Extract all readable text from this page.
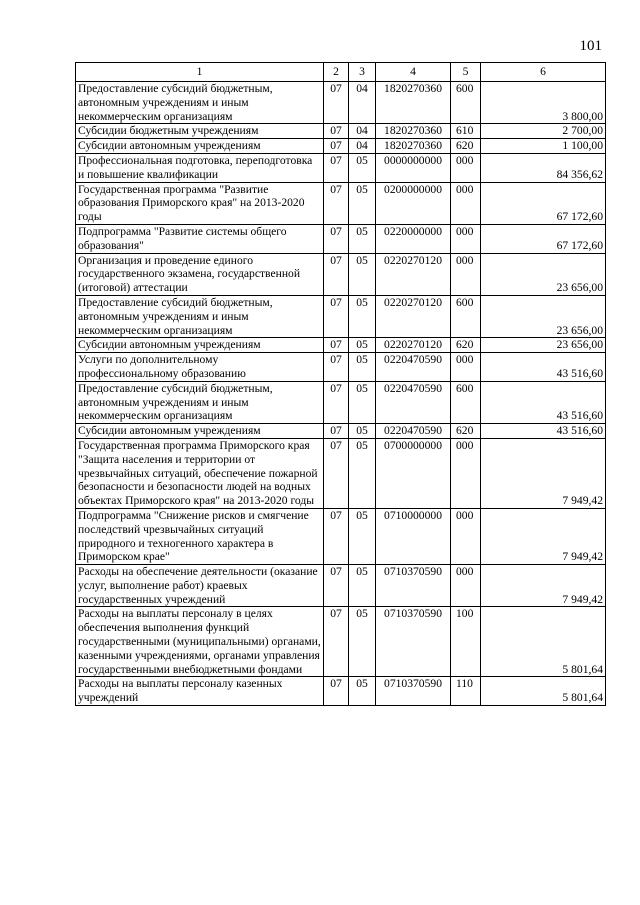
101
1	2	3	4	5	6
Предоставление субсидий бюджетным, автономным учреждениям и иным некоммерческим организациям	07	04	1820270360	600	3 800,00
Субсидии бюджетным учреждениям	07	04	1820270360	610	2 700,00
Субсидии автономным учреждениям	07	04	1820270360	620	1 100,00
Профессиональная подготовка, переподготовка и повышение квалификации	07	05	0000000000	000	84 356,62
Государственная программа "Развитие образования Приморского края" на 2013-2020 годы	07	05	0200000000	000	67 172,60
Подпрограмма "Развитие системы общего образования"	07	05	0220000000	000	67 172,60
Организация и проведение единого государственного экзамена, государственной (итоговой) аттестации	07	05	0220270120	000	23 656,00
Предоставление субсидий бюджетным, автономным учреждениям и иным некоммерческим организациям	07	05	0220270120	600	23 656,00
Субсидии автономным учреждениям	07	05	0220270120	620	23 656,00
Услуги по дополнительному профессиональному образованию	07	05	0220470590	000	43 516,60
Предоставление субсидий бюджетным, автономным учреждениям и иным некоммерческим организациям	07	05	0220470590	600	43 516,60
Субсидии автономным учреждениям	07	05	0220470590	620	43 516,60
Государственная программа Приморского края "Защита населения и территории от чрезвычайных ситуаций, обеспечение пожарной безопасности и безопасности людей на водных объектах Приморского края" на 2013-2020 годы	07	05	0700000000	000	7 949,42
Подпрограмма "Снижение рисков и смягчение последствий чрезвычайных ситуаций природного и техногенного характера в Приморском крае"	07	05	0710000000	000	7 949,42
Расходы на обеспечение деятельности (оказание услуг, выполнение работ) краевых государственных учреждений	07	05	0710370590	000	7 949,42
Расходы на выплаты персоналу в целях обеспечения выполнения функций государственными (муниципальными) органами, казенными учреждениями, органами управления государственными внебюджетными фондами	07	05	0710370590	100	5 801,64
Расходы на выплаты персоналу казенных учреждений	07	05	0710370590	110	5 801,64
